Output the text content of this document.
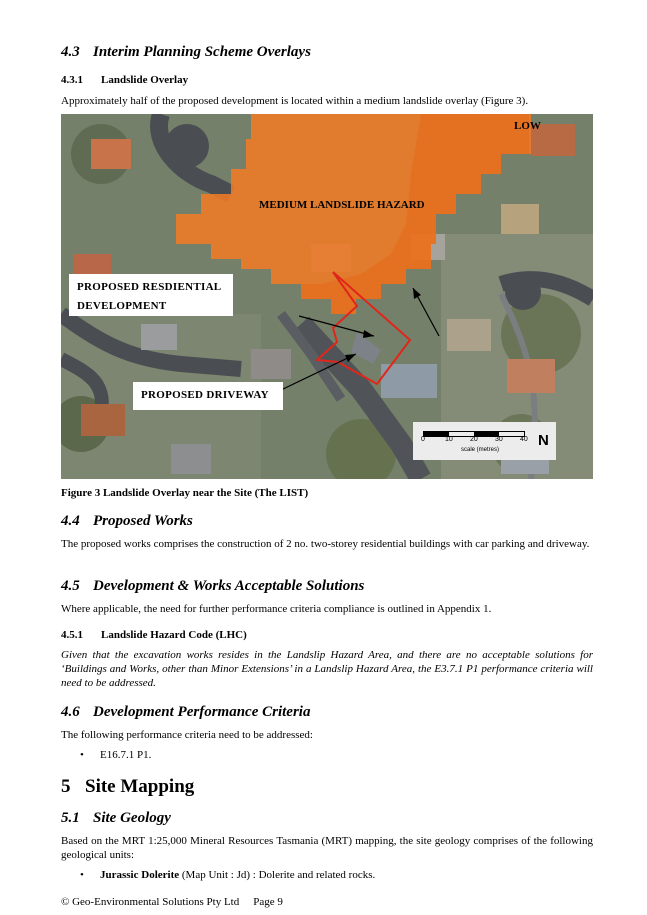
4.3 Interim Planning Scheme Overlays
4.3.1 Landslide Overlay
Approximately half of the proposed development is located within a medium landslide overlay (Figure 3).
LOW
MEDIUM LANDSLIDE HAZARD
PROPOSED RESDIENTIAL
DEVELOPMENT
PROPOSED DRIVEWAY
0	10 20 30 40
scale (metres)
N
Figure 3 Landslide Overlay near the Site (The LIST)
4.4 Proposed Works
The proposed works comprises the construction of 2 no. two-storey residential buildings with car parking and driveway.
4.5 Development & Works Acceptable Solutions
Where applicable, the need for further performance criteria compliance is outlined in Appendix 1.
4.5.1 Landslide Hazard Code (LHC)
Given that the excavation works resides in the Landslip Hazard Area, and there are no acceptable solutions for ‘Buildings and Works, other than Minor Extensions’ in a Landslip Hazard Area, the E3.7.1 P1 performance criteria will need to be addressed.
4.6 Development Performance Criteria
The following performance criteria need to be addressed:
• E16.7.1 P1.
5 Site Mapping
5.1 Site Geology
Based on the MRT 1:25,000 Mineral Resources Tasmania (MRT) mapping, the site geology comprises of the following geological units:
• Jurassic Dolerite (Map Unit : Jd) : Dolerite and related rocks.
© Geo-Environmental Solutions Pty Ltd Page 9
